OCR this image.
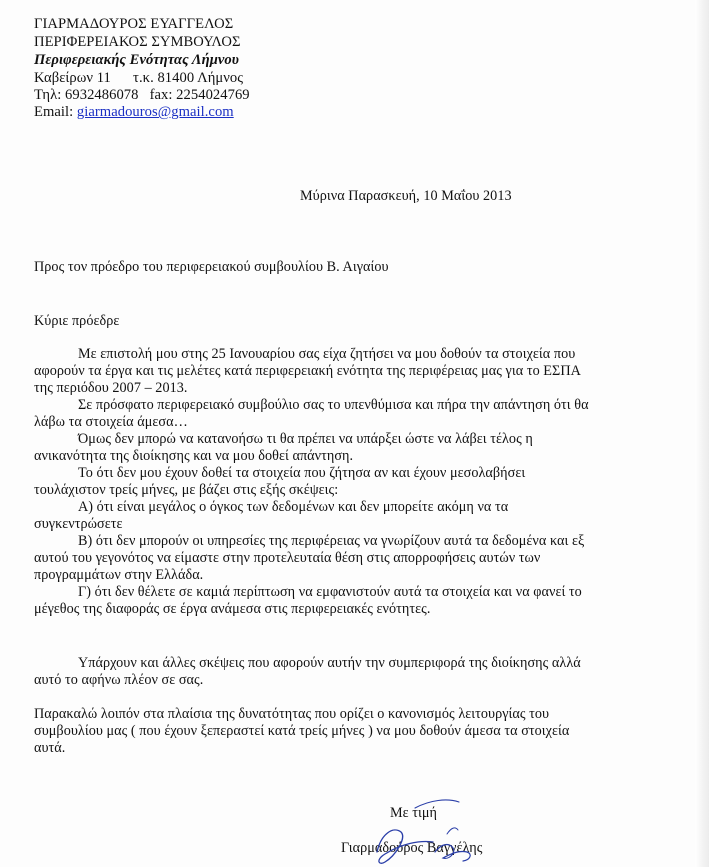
ΓΙΑΡΜΑΔΟΥΡΟΣ ΕΥΑΓΓΕΛΟΣ
ΠΕΡΙΦΕΡΕΙΑΚΟΣ ΣΥΜΒΟΥΛΟΣ
Περιφερειακής Ενότητας Λήμνου
Καβείρων 11      τ.κ. 81400 Λήμνος
Τηλ: 6932486078   fax: 2254024769
Email: giarmadouros@gmail.com
Μύρινα Παρασκευή, 10 Μαΐου 2013
Προς τον πρόεδρο του περιφερειακού συμβουλίου Β. Αιγαίου
Κύριε πρόεδρε
Με επιστολή μου στης 25 Ιανουαρίου σας είχα ζητήσει να μου δοθούν τα στοιχεία που
αφορούν τα έργα και τις μελέτες κατά περιφερειακή ενότητα της περιφέρειας μας για το ΕΣΠΑ
της περιόδου 2007 – 2013.
Σε πρόσφατο περιφερειακό συμβούλιο σας το υπενθύμισα και πήρα την απάντηση ότι θα
λάβω τα στοιχεία άμεσα…
Όμως δεν μπορώ να κατανοήσω τι θα πρέπει να υπάρξει ώστε να λάβει τέλος η
ανικανότητα της διοίκησης και να μου δοθεί απάντηση.
Το ότι δεν μου έχουν δοθεί τα στοιχεία που ζήτησα αν και έχουν μεσολαβήσει
τουλάχιστον τρείς μήνες, με βάζει στις εξής σκέψεις:
Α) ότι είναι μεγάλος ο όγκος των δεδομένων και δεν μπορείτε ακόμη να τα
συγκεντρώσετε
Β) ότι δεν μπορούν οι υπηρεσίες της περιφέρειας να γνωρίζουν αυτά τα δεδομένα και εξ
αυτού του γεγονότος να είμαστε στην προτελευταία θέση στις απορροφήσεις αυτών των
προγραμμάτων στην Ελλάδα.
Γ) ότι δεν θέλετε σε καμιά περίπτωση να εμφανιστούν αυτά τα στοιχεία και να φανεί το
μέγεθος της διαφοράς σε έργα ανάμεσα στις περιφερειακές ενότητες.
Υπάρχουν και άλλες σκέψεις που αφορούν αυτήν την συμπεριφορά της διοίκησης αλλά
αυτό το αφήνω πλέον σε σας.
Παρακαλώ λοιπόν στα πλαίσια της δυνατότητας που ορίζει ο κανονισμός λειτουργίας του
συμβουλίου μας ( που έχουν ξεπεραστεί κατά τρείς μήνες ) να μου δοθούν άμεσα τα στοιχεία
αυτά.
Με τιμή
Γιαρμαδούρος Βαγγέλης
